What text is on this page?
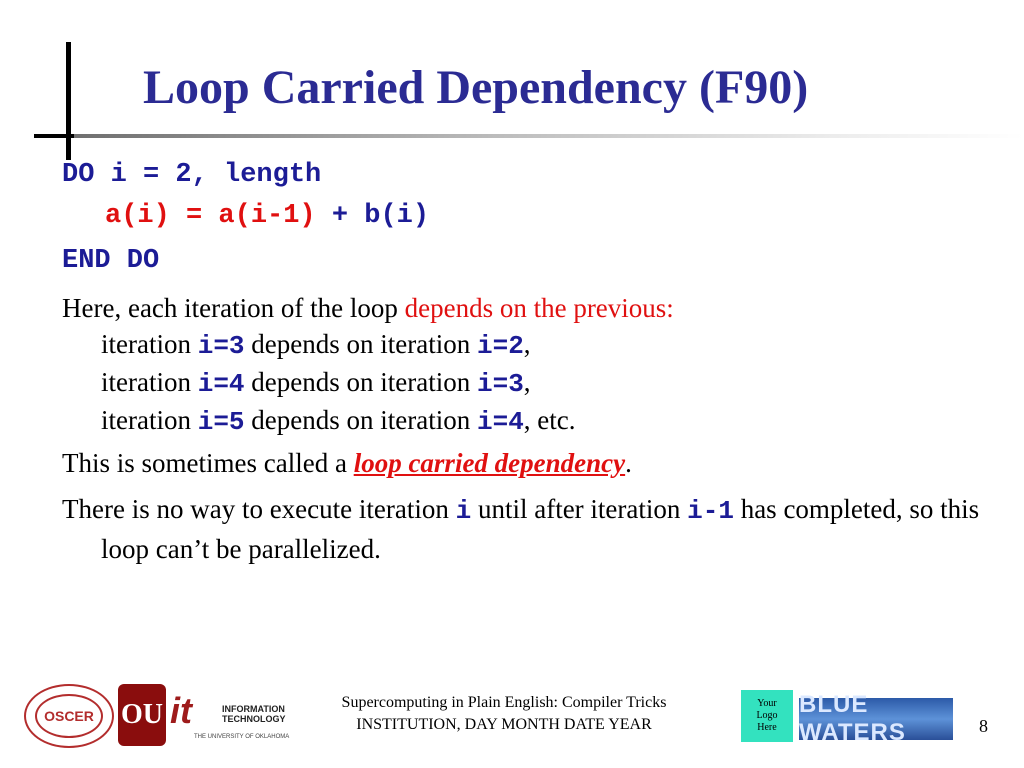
Loop Carried Dependency (F90)
DO i = 2, length
a(i) = a(i-1) + b(i)
END DO
Here, each iteration of the loop depends on the previous:
iteration i=3 depends on iteration i=2,
iteration i=4 depends on iteration i=3,
iteration i=5 depends on iteration i=4, etc.
This is sometimes called a loop carried dependency.
There is no way to execute iteration i until after iteration i-1 has completed, so this loop can’t be parallelized.
OSCER OU it	INFORMATION
TECHNOLOGY
THE UNIVERSITY OF OKLAHOMA
Supercomputing in Plain English: Compiler Tricks
INSTITUTION, DAY MONTH DATE YEAR
Your
Logo
Here
BLUE WATERS	8
